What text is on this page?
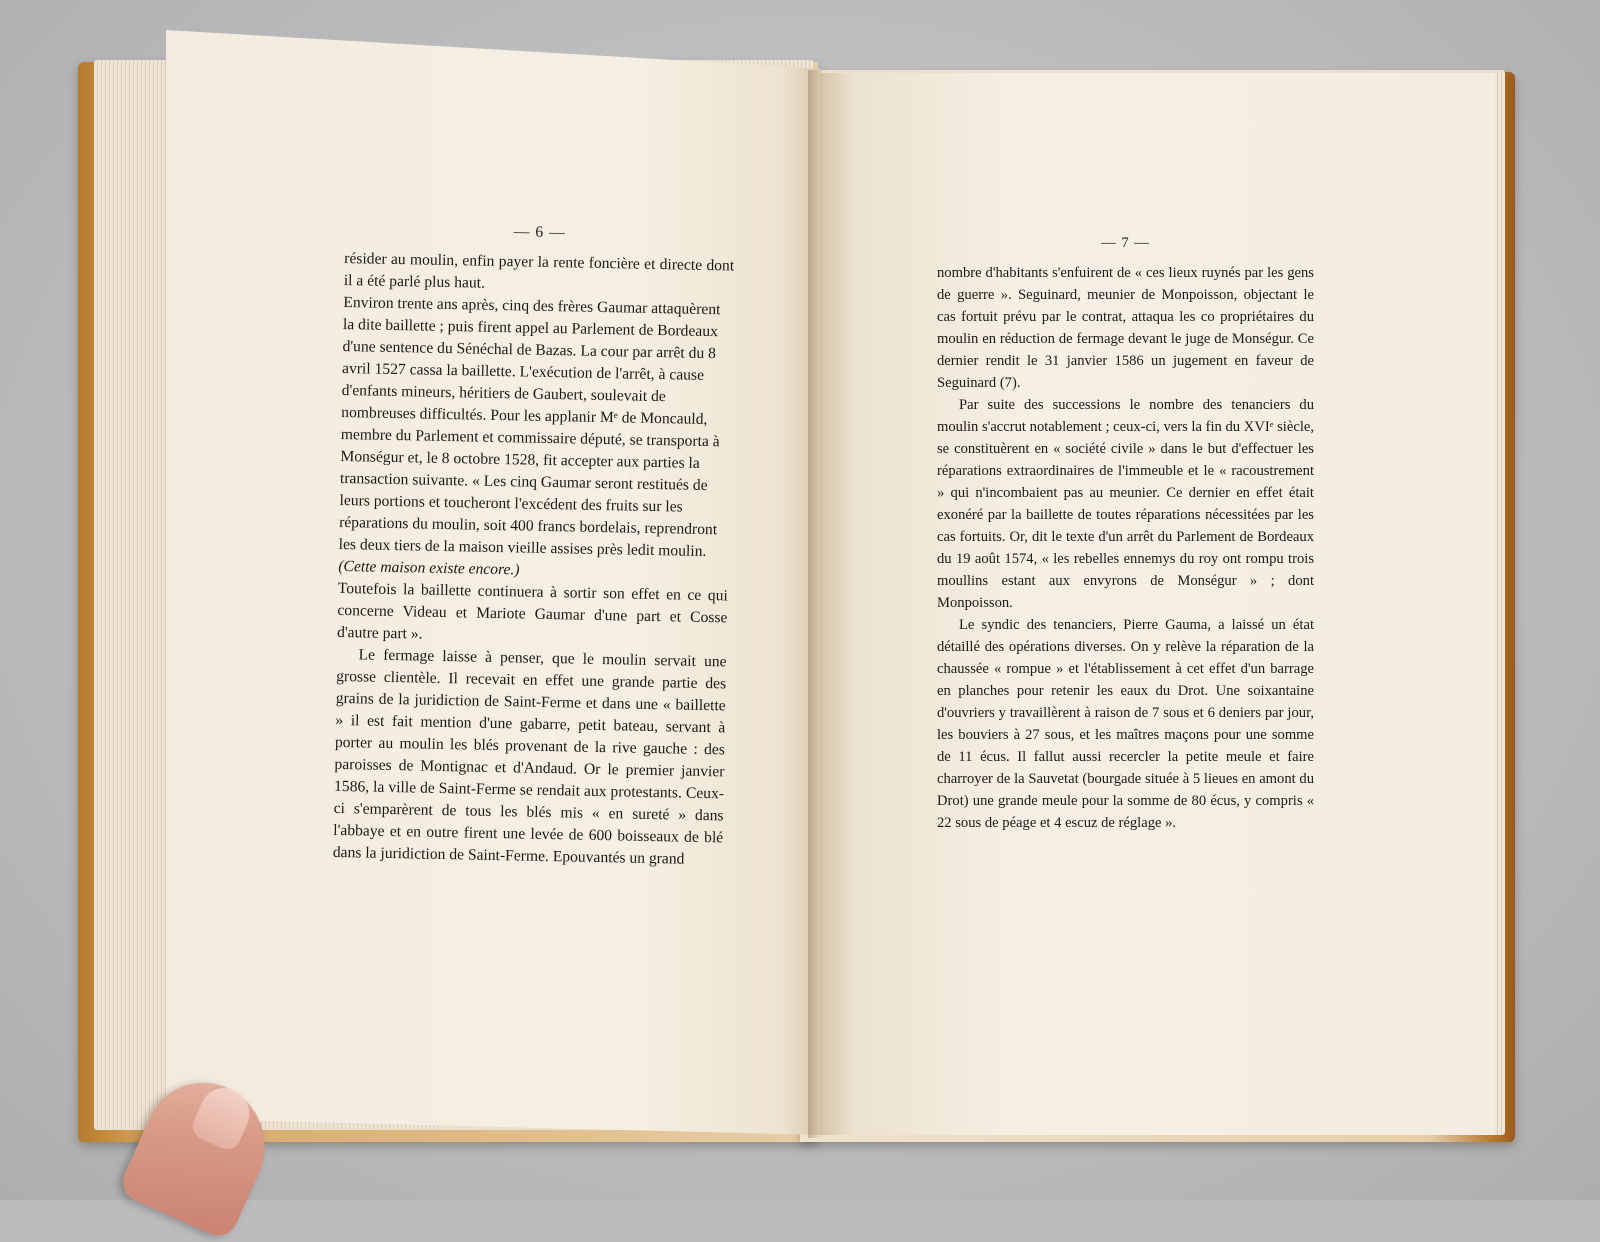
— 6 —

résider au moulin, enfin payer la rente foncière et directe dont il a été parlé plus haut.

Environ trente ans après, cinq des frères Gaumar attaquèrent la dite baillette ; puis firent appel au Parlement de Bordeaux d'une sentence du Sénéchal de Bazas. La cour par arrêt du 8 avril 1527 cassa la baillette. L'exécution de l'arrêt, à cause d'enfants mineurs, héritiers de Gaubert, soulevait de nombreuses difficultés. Pour les applanir Mᵉ de Moncauld, membre du Parlement et commissaire député, se transporta à Monségur et, le 8 octobre 1528, fit accepter aux parties la transaction suivante. « Les cinq Gaumar seront restitués de leurs portions et toucheront l'excédent des fruits sur les réparations du moulin, soit 400 francs bordelais, reprendront les deux tiers de la maison vieille assises près ledit moulin.

(Cette maison existe encore.)

Toutefois la baillette continuera à sortir son effet en ce qui concerne Videau et Mariote Gaumar d'une part et Cosse d'autre part ».

Le fermage laisse à penser, que le moulin servait une grosse clientèle. Il recevait en effet une grande partie des grains de la juridiction de Saint-Ferme et dans une « baillette » il est fait mention d'une gabarre, petit bateau, servant à porter au moulin les blés provenant de la rive gauche : des paroisses de Montignac et d'Andaud. Or le premier janvier 1586, la ville de Saint-Ferme se rendait aux protestants. Ceux-ci s'emparèrent de tous les blés mis « en sureté » dans l'abbaye et en outre firent une levée de 600 boisseaux de blé dans la juridiction de Saint-Ferme. Epouvantés un grand

— 7 —

nombre d'habitants s'enfuirent de « ces lieux ruynés par les gens de guerre ». Seguinard, meunier de Monpoisson, objectant le cas fortuit prévu par le contrat, attaqua les co propriétaires du moulin en réduction de fermage devant le juge de Monségur. Ce dernier rendit le 31 janvier 1586 un jugement en faveur de Seguinard (7).

Par suite des successions le nombre des tenanciers du moulin s'accrut notablement ; ceux-ci, vers la fin du XVIᵉ siècle, se constituèrent en « société civile » dans le but d'effectuer les réparations extraordinaires de l'immeuble et le « racoustrement » qui n'incombaient pas au meunier. Ce dernier en effet était exonéré par la baillette de toutes réparations nécessitées par les cas fortuits. Or, dit le texte d'un arrêt du Parlement de Bordeaux du 19 août 1574, « les rebelles ennemys du roy ont rompu trois moullins estant aux envyrons de Monségur » ; dont Monpoisson.

Le syndic des tenanciers, Pierre Gauma, a laissé un état détaillé des opérations diverses. On y relève la réparation de la chaussée « rompue » et l'établissement à cet effet d'un barrage en planches pour retenir les eaux du Drot. Une soixantaine d'ouvriers y travaillèrent à raison de 7 sous et 6 deniers par jour, les bouviers à 27 sous, et les maîtres maçons pour une somme de 11 écus. Il fallut aussi recercler la petite meule et faire charroyer de la Sauvetat (bourgade située à 5 lieues en amont du Drot) une grande meule pour la somme de 80 écus, y compris « 22 sous de péage et 4 escuz de réglage ».
